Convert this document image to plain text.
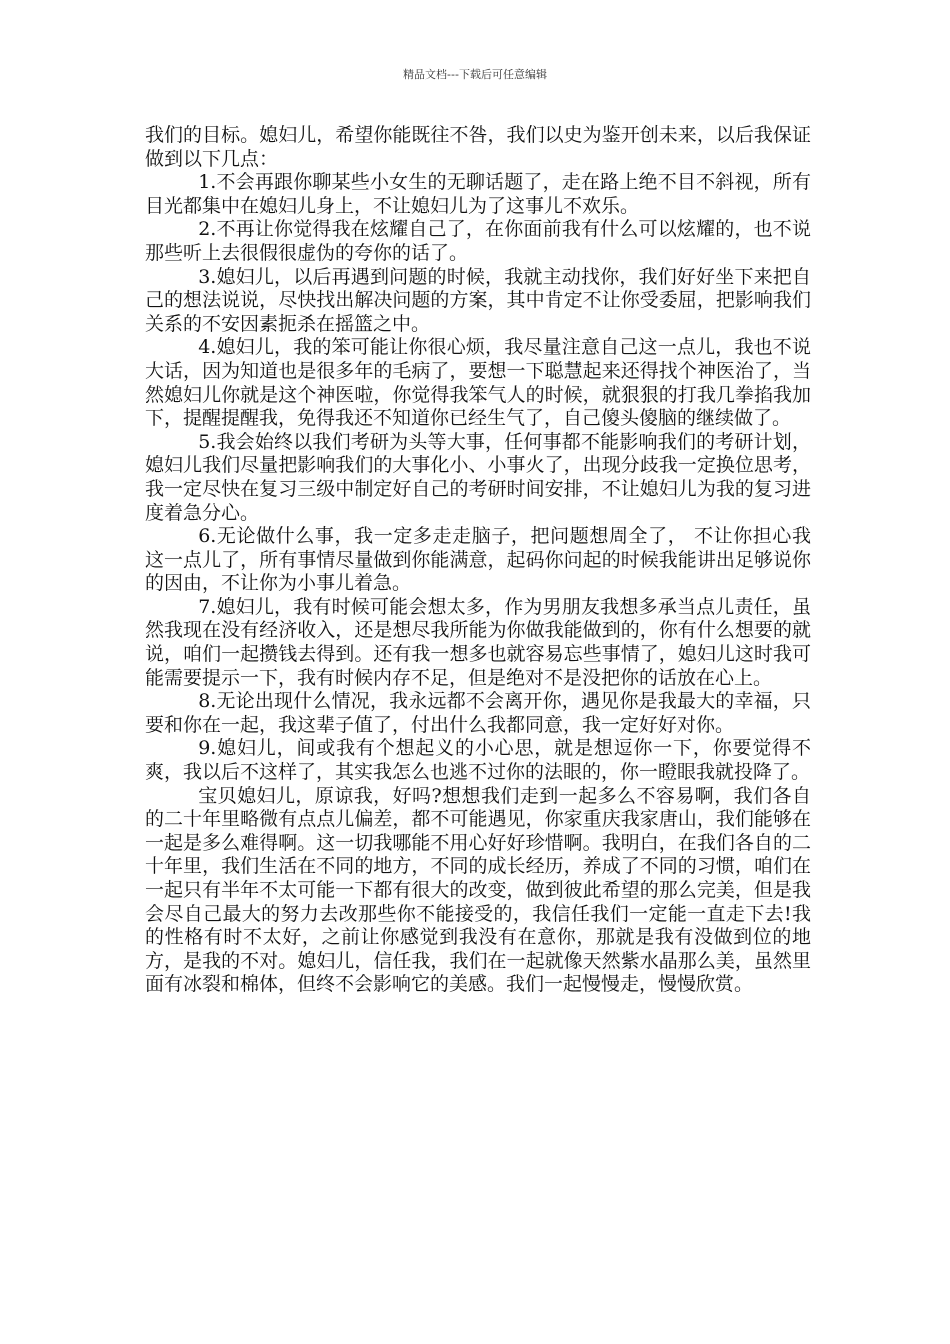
精品文档---下载后可任意编辑

我们的目标。媳妇儿，希望你能既往不咎，我们以史为鉴开创未来，以后我保证做到以下几点：

1.不会再跟你聊某些小女生的无聊话题了，走在路上绝不目不斜视，所有目光都集中在媳妇儿身上，不让媳妇儿为了这事儿不欢乐。

2.不再让你觉得我在炫耀自己了，在你面前我有什么可以炫耀的，也不说那些听上去很假很虚伪的夸你的话了。

3.媳妇儿，以后再遇到问题的时候，我就主动找你，我们好好坐下来把自己的想法说说，尽快找出解决问题的方案，其中肯定不让你受委屈，把影响我们关系的不安因素扼杀在摇篮之中。

4.媳妇儿，我的笨可能让你很心烦，我尽量注意自己这一点儿，我也不说大话，因为知道也是很多年的毛病了，要想一下聪慧起来还得找个神医治了，当然媳妇儿你就是这个神医啦，你觉得我笨气人的时候，就狠狠的打我几拳掐我加下，提醒提醒我，免得我还不知道你已经生气了，自己傻头傻脑的继续做了。

5.我会始终以我们考研为头等大事，任何事都不能影响我们的考研计划，媳妇儿我们尽量把影响我们的大事化小、小事火了，出现分歧我一定换位思考，我一定尽快在复习三级中制定好自己的考研时间安排，不让媳妇儿为我的复习进度着急分心。

6.无论做什么事，我一定多走走脑子，把问题想周全了， 不让你担心我这一点儿了，所有事情尽量做到你能满意，起码你问起的时候我能讲出足够说你的因由，不让你为小事儿着急。

7.媳妇儿，我有时候可能会想太多，作为男朋友我想多承当点儿责任，虽然我现在没有经济收入，还是想尽我所能为你做我能做到的，你有什么想要的就说，咱们一起攒钱去得到。还有我一想多也就容易忘些事情了，媳妇儿这时我可能需要提示一下，我有时候内存不足，但是绝对不是没把你的话放在心上。

8.无论出现什么情况，我永远都不会离开你，遇见你是我最大的幸福，只要和你在一起，我这辈子值了，付出什么我都同意，我一定好好对你。

9.媳妇儿，间或我有个想起义的小心思，就是想逗你一下，你要觉得不爽，我以后不这样了，其实我怎么也逃不过你的法眼的，你一瞪眼我就投降了。

宝贝媳妇儿，原谅我，好吗?想想我们走到一起多么不容易啊，我们各自的二十年里略微有点点儿偏差，都不可能遇见，你家重庆我家唐山，我们能够在一起是多么难得啊。这一切我哪能不用心好好珍惜啊。我明白，在我们各自的二十年里，我们生活在不同的地方，不同的成长经历，养成了不同的习惯，咱们在一起只有半年不太可能一下都有很大的改变，做到彼此希望的那么完美，但是我会尽自己最大的努力去改那些你不能接受的，我信任我们一定能一直走下去!我的性格有时不太好，之前让你感觉到我没有在意你，那就是我有没做到位的地方，是我的不对。媳妇儿，信任我，我们在一起就像天然紫水晶那么美，虽然里面有冰裂和棉体，但终不会影响它的美感。我们一起慢慢走，慢慢欣赏。
